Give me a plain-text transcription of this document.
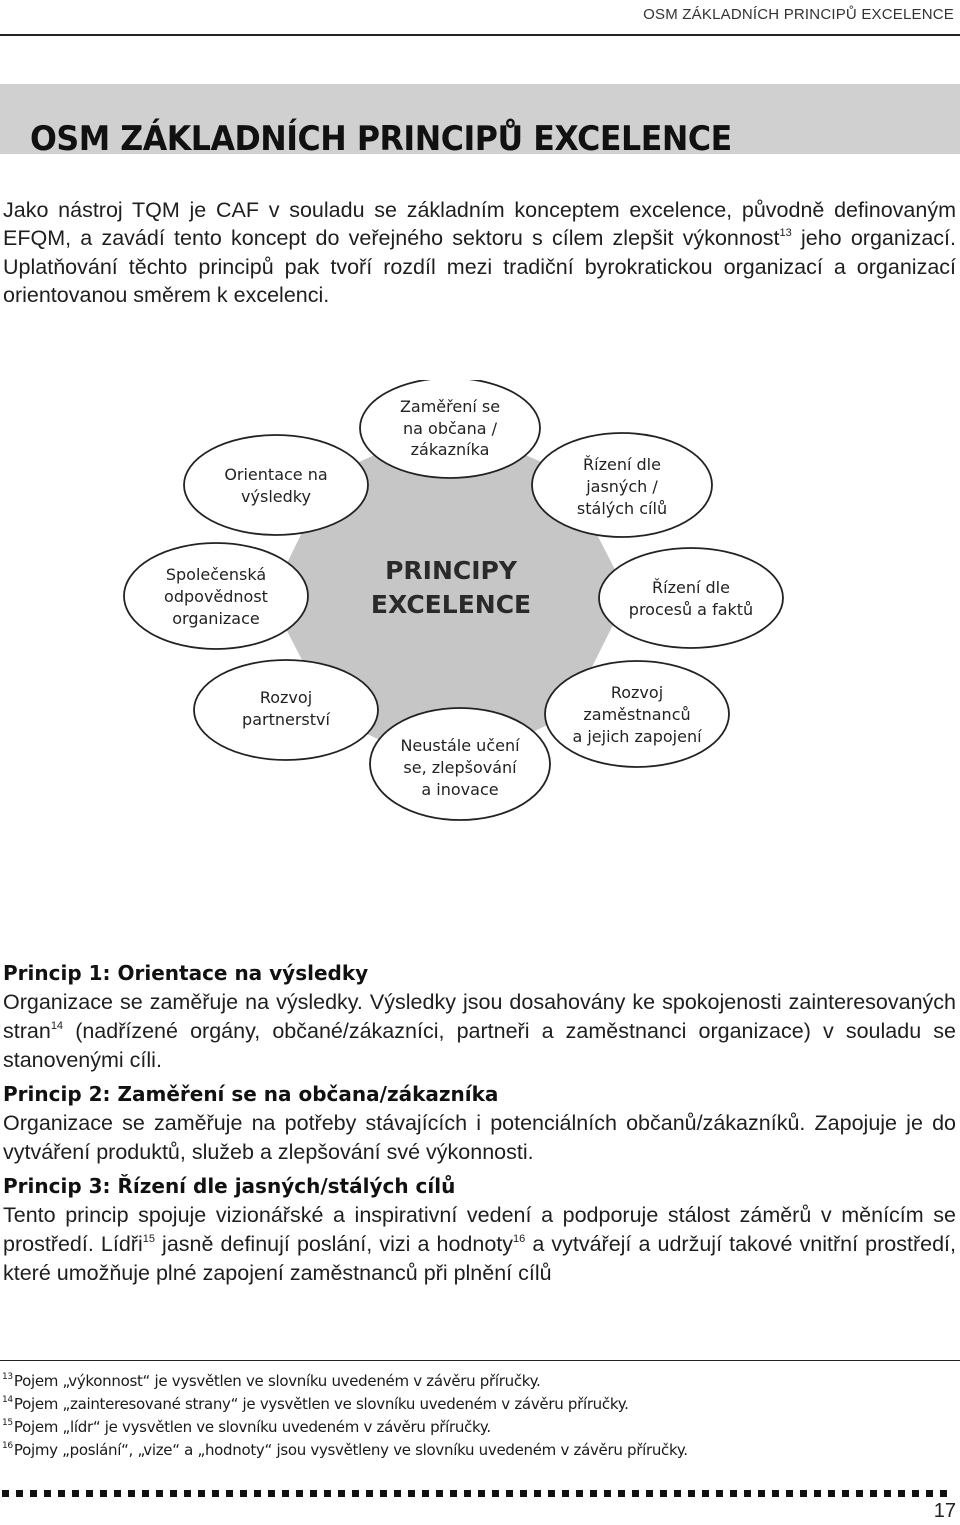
OSM ZÁKLADNÍCH PRINCIPŮ EXCELENCE
OSM ZÁKLADNÍCH PRINCIPŮ EXCELENCE

Jako nástroj TQM je CAF v souladu se základním konceptem excelence, původně definovaným EFQM, a zavádí tento koncept do veřejného sektoru s cílem zlepšit výkonnost$^{13}$ jeho organizací. Uplatňování těchto principů pak tvoří rozdíl mezi tradiční byrokratickou organizací a organizací orientovanou směrem k excelenci.

PRINCIPY
EXCELENCE
Zaměření se
na občana /
zákazníka
Orientace na
výsledky
Řízení dle
jasných /
stálých cílů
Společenská
odpovědnost
organizace
Řízení dle
procesů a faktů
Rozvoj
partnerství
Rozvoj
zaměstnanců
a jejich zapojení
Neustále učení
se, zlepšování
a inovace
Princip 1: Orientace na výsledky

Organizace se zaměřuje na výsledky. Výsledky jsou dosahovány ke spokojenosti zainteresovaných stran$^{14}$ (nadřízené orgány, občané/zákazníci, partneři a zaměstnanci organizace) v souladu se stanovenými cíli.

Princip 2: Zaměření se na občana/zákazníka

Organizace se zaměřuje na potřeby stávajících i potenciálních občanů/zákazníků. Zapojuje je do vytváření produktů, služeb a zlepšování své výkonnosti.

Princip 3: Řízení dle jasných/stálých cílů

Tento princip spojuje vizionářské a inspirativní vedení a podporuje stálost záměrů v měnícím se prostředí. Lídři$^{15}$ jasně definují poslání, vizi a hodnoty$^{16}$ a vytvářejí a udržují takové vnitřní prostředí, které umožňuje plné zapojení zaměstnanců při plnění cílů

$^{13}$Pojem „výkonnost“ je vysvětlen ve slovníku uvedeném v závěru příručky.
$^{14}$Pojem „zainteresované strany“ je vysvětlen ve slovníku uvedeném v závěru příručky.
$^{15}$Pojem „lídr“ je vysvětlen ve slovníku uvedeném v závěru příručky.
$^{16}$Pojmy „poslání“, „vize“ a „hodnoty“ jsou vysvětleny ve slovníku uvedeném v závěru příručky.
17
